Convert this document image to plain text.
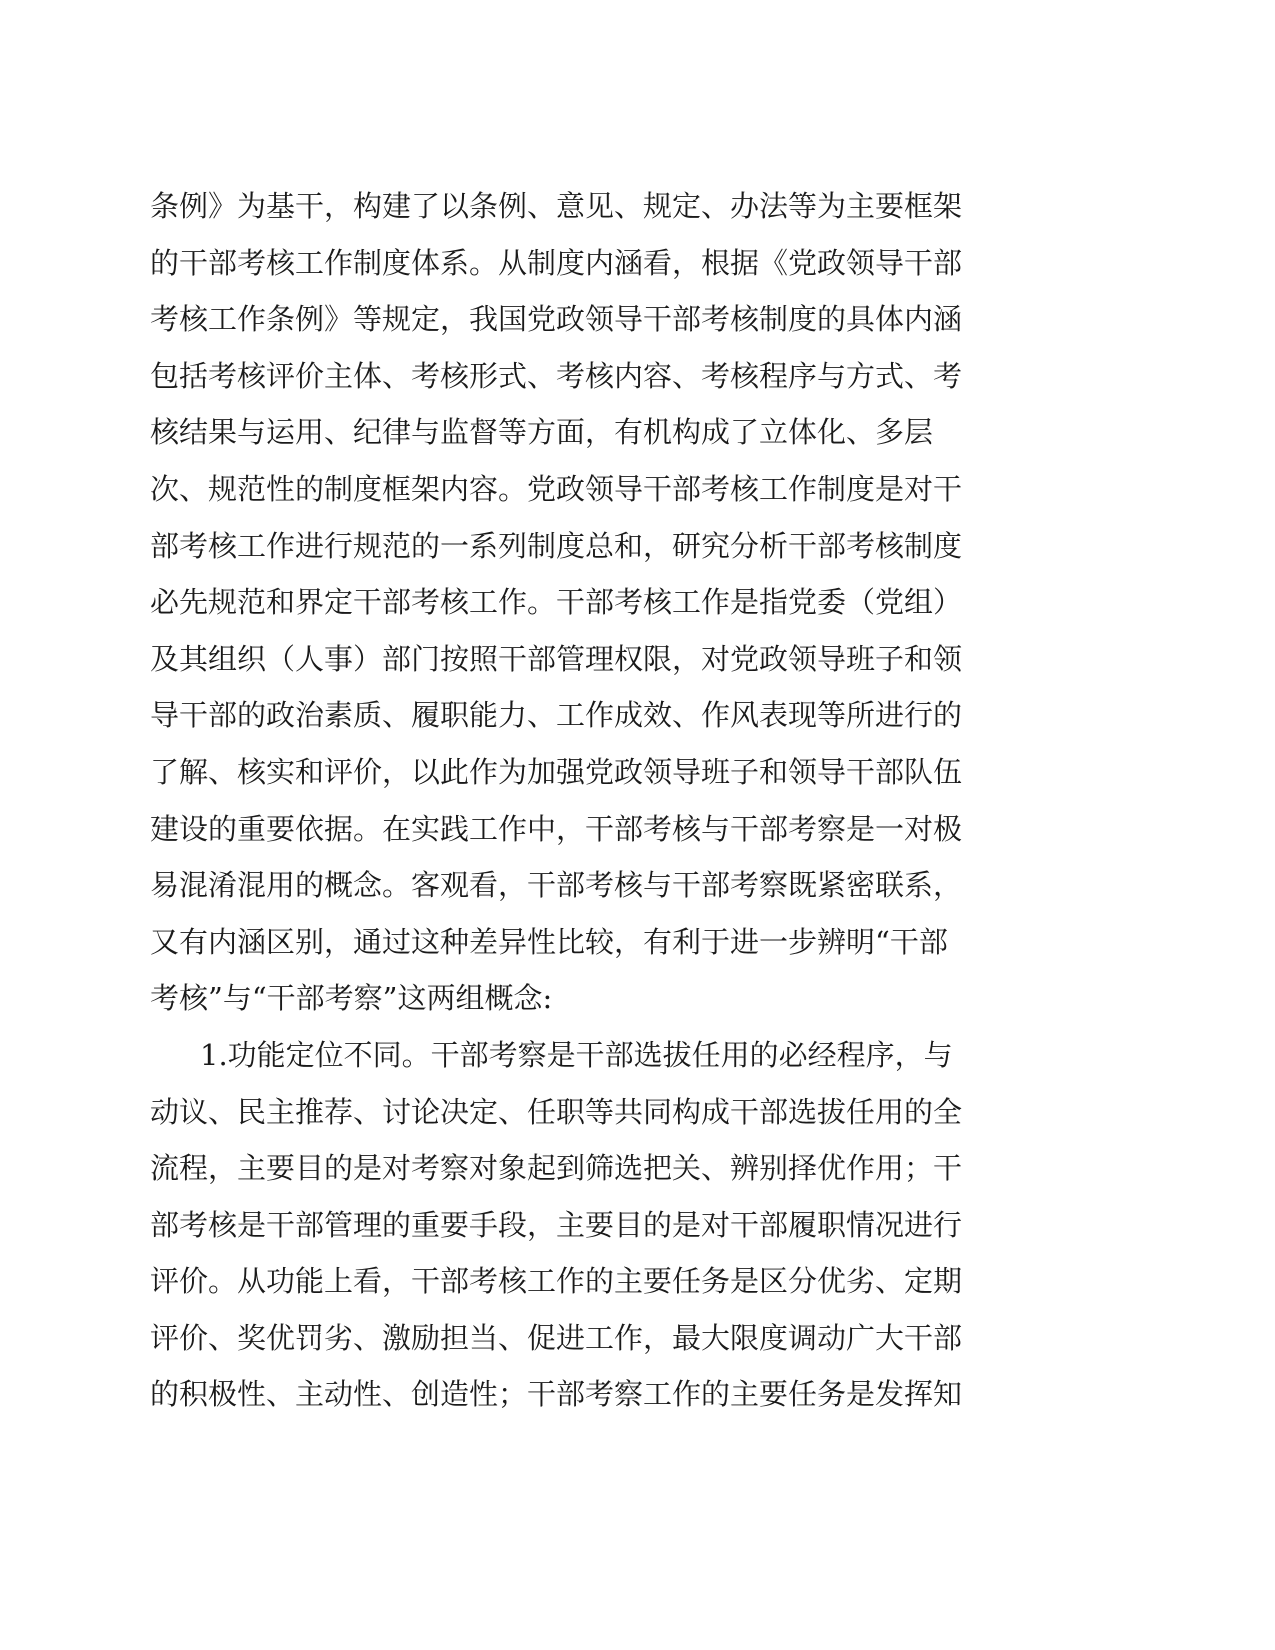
条例》为基干，构建了以条例、意见、规定、办法等为主要框架
的干部考核工作制度体系。从制度内涵看，根据《党政领导干部
考核工作条例》等规定，我国党政领导干部考核制度的具体内涵
包括考核评价主体、考核形式、考核内容、考核程序与方式、考
核结果与运用、纪律与监督等方面，有机构成了立体化、多层
次、规范性的制度框架内容。党政领导干部考核工作制度是对干
部考核工作进行规范的一系列制度总和，研究分析干部考核制度
必先规范和界定干部考核工作。干部考核工作是指党委（党组）
及其组织（人事）部门按照干部管理权限，对党政领导班子和领
导干部的政治素质、履职能力、工作成效、作风表现等所进行的
了解、核实和评价，以此作为加强党政领导班子和领导干部队伍
建设的重要依据。在实践工作中，干部考核与干部考察是一对极
易混淆混用的概念。客观看，干部考核与干部考察既紧密联系，
又有内涵区别，通过这种差异性比较，有利于进一步辨明“干部
考核”与“干部考察”这两组概念:
1.功能定位不同。干部考察是干部选拔任用的必经程序，与
动议、民主推荐、讨论决定、任职等共同构成干部选拔任用的全
流程，主要目的是对考察对象起到筛选把关、辨别择优作用；干
部考核是干部管理的重要手段，主要目的是对干部履职情况进行
评价。从功能上看，干部考核工作的主要任务是区分优劣、定期
评价、奖优罚劣、激励担当、促进工作，最大限度调动广大干部
的积极性、主动性、创造性；干部考察工作的主要任务是发挥知
